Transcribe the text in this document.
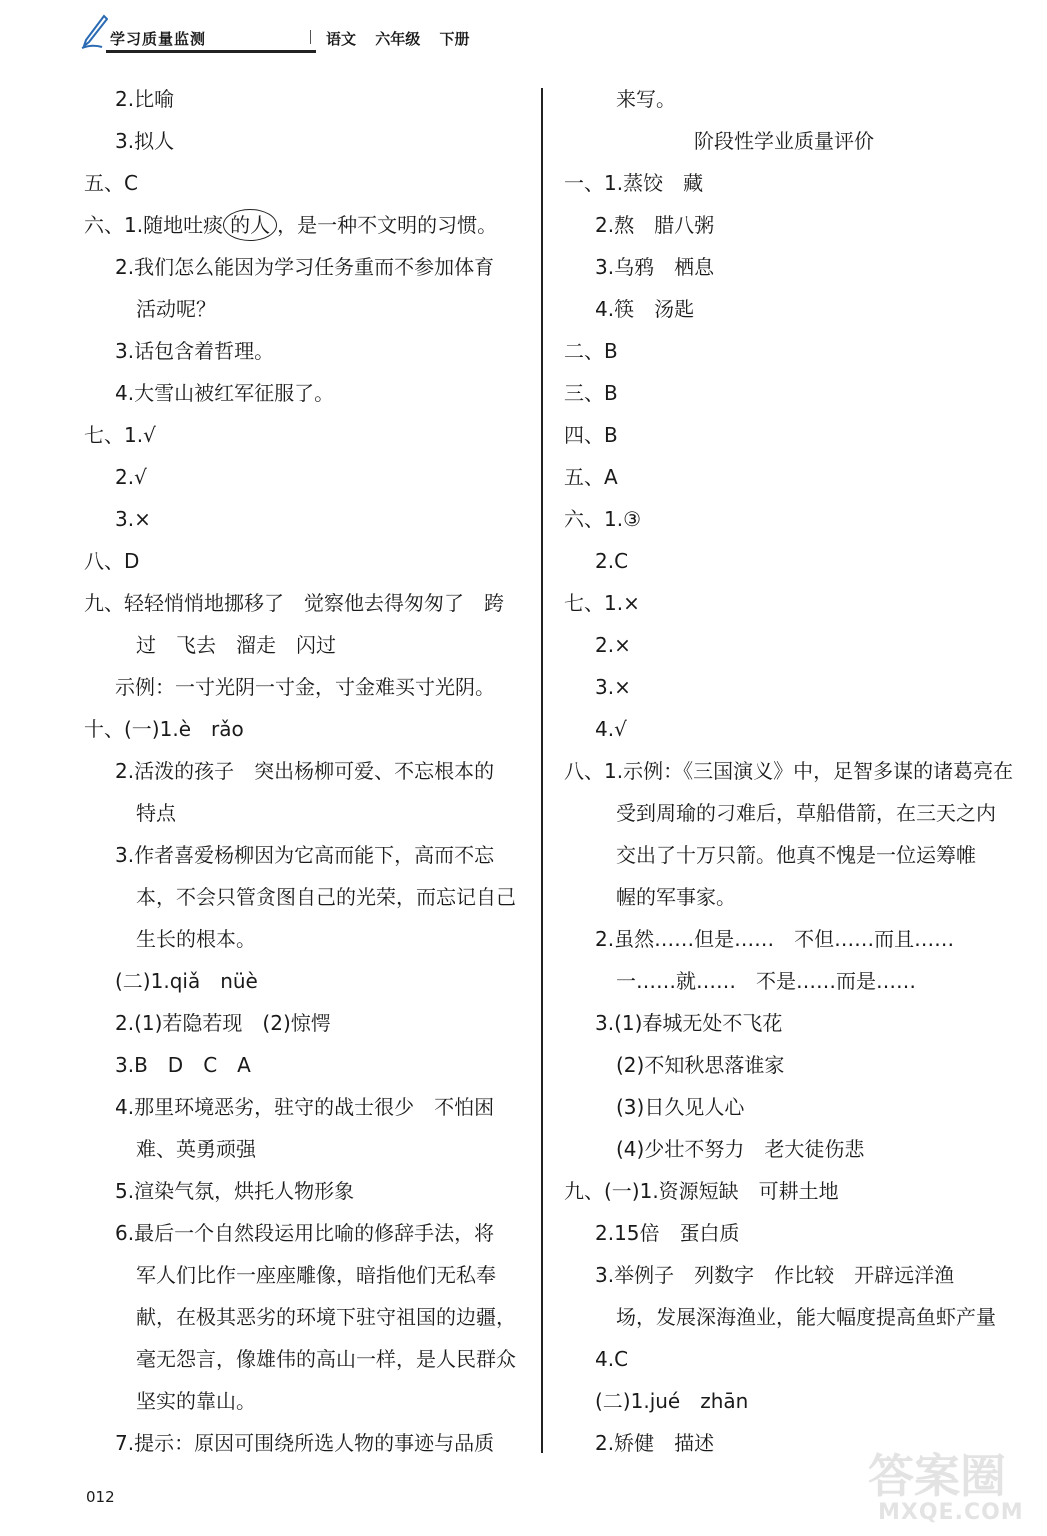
学习质量监测	语文 六年级 下册
2.比喻
3.拟人
五、C
六、1.随地吐痰 的人 ，是一种不文明的习惯。
2.我们怎么能因为学习任务重而不参加体育
活动呢？
3.话包含着哲理。
4.大雪山被红军征服了。
七、1.√
2.√
3.×
八、D
九、轻轻悄悄地挪移了　觉察他去得匆匆了　跨
过　飞去　溜走　闪过
示例：一寸光阴一寸金，寸金难买寸光阴。
十、(一)1.è　rǎo
2.活泼的孩子　突出杨柳可爱、不忘根本的
特点
3.作者喜爱杨柳因为它高而能下，高而不忘
本，不会只管贪图自己的光荣，而忘记自己
生长的根本。
(二)1.qiǎ　nüè
2.(1)若隐若现　(2)惊愕
3.B　D　C　A
4.那里环境恶劣，驻守的战士很少　不怕困
难、英勇顽强
5.渲染气氛，烘托人物形象
6.最后一个自然段运用比喻的修辞手法，将
军人们比作一座座雕像，暗指他们无私奉
献，在极其恶劣的环境下驻守祖国的边疆，
毫无怨言，像雄伟的高山一样，是人民群众
坚实的靠山。
7.提示：原因可围绕所选人物的事迹与品质
来写。
阶段性学业质量评价
一、1.蒸饺　藏
2.熬　腊八粥
3.乌鸦　栖息
4.筷　汤匙
二、B
三、B
四、B
五、A
六、1.③
2.C
七、1.×
2.×
3.×
4.√
八、1.示例：《三国演义》中，足智多谋的诸葛亮在
受到周瑜的刁难后，草船借箭，在三天之内
交出了十万只箭。他真不愧是一位运筹帷
幄的军事家。
2.虽然……但是……　不但……而且……
一……就……　不是……而是……
3.(1)春城无处不飞花
(2)不知秋思落谁家
(3)日久见人心
(4)少壮不努力　老大徒伤悲
九、(一)1.资源短缺　可耕土地
2.15倍　蛋白质
3.举例子　列数字　作比较　开辟远洋渔
场，发展深海渔业，能大幅度提高鱼虾产量
4.C
(二)1.jué　zhān
2.矫健　描述
012	答案圈
MXQE.COM
